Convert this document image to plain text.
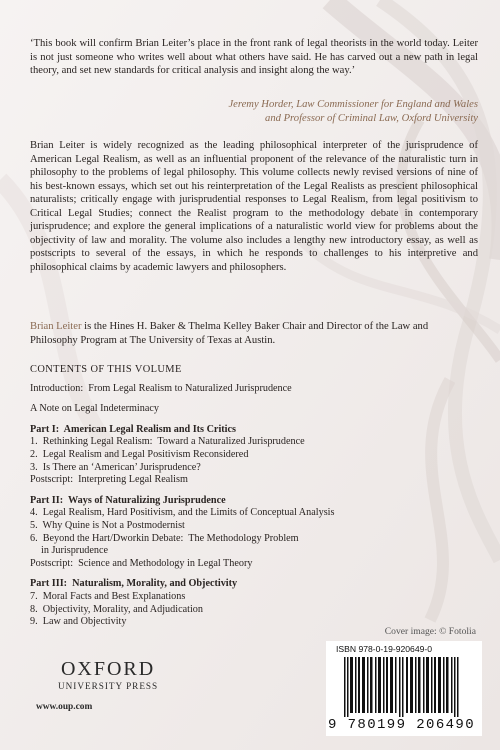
‘This book will confirm Brian Leiter’s place in the front rank of legal theorists in the world today. Leiter is not just someone who writes well about what others have said. He has carved out a new path in legal theory, and set new standards for critical analysis and insight along the way.’

Jeremy Horder, Law Commissioner for England and Wales
and Professor of Criminal Law, Oxford University

Brian Leiter is widely recognized as the leading philosophical interpreter of the jurisprudence of American Legal Realism, as well as an influential proponent of the relevance of the naturalistic turn in philosophy to the problems of legal philosophy. This volume collects newly revised versions of nine of his best-known essays, which set out his reinterpretation of the Legal Realists as prescient philosophical naturalists; critically engage with jurisprudential responses to Legal Realism, from legal positivism to Critical Legal Studies; connect the Realist program to the methodology debate in contemporary jurisprudence; and explore the general implications of a naturalistic world view for problems about the objectivity of law and morality. The volume also includes a lengthy new introductory essay, as well as postscripts to several of the essays, in which he responds to challenges to his interpretive and philosophical claims by academic lawyers and philosophers.

Brian Leiter is the Hines H. Baker & Thelma Kelley Baker Chair and Director of the Law and Philosophy Program at The University of Texas at Austin.

CONTENTS OF THIS VOLUME
Introduction:  From Legal Realism to Naturalized Jurisprudence
A Note on Legal Indeterminacy
Part I:  American Legal Realism and Its Critics
1.  Rethinking Legal Realism:  Toward a Naturalized Jurisprudence
2.  Legal Realism and Legal Positivism Reconsidered
3.  Is There an ‘American’ Jurisprudence?
Postscript:  Interpreting Legal Realism
Part II:  Ways of Naturalizing Jurisprudence
4.  Legal Realism, Hard Positivism, and the Limits of Conceptual Analysis
5.  Why Quine is Not a Postmodernist
6.  Beyond the Hart/Dworkin Debate:  The Methodology Problem
in Jurisprudence
Postscript:  Science and Methodology in Legal Theory
Part III:  Naturalism, Morality, and Objectivity
7.  Moral Facts and Best Explanations
8.  Objectivity, Morality, and Adjudication
9.  Law and Objectivity
Cover image: © Fotolia
OXFORD
UNIVERSITY PRESS
www.oup.com
ISBN 978-0-19-920649-0
9 780199 206490
